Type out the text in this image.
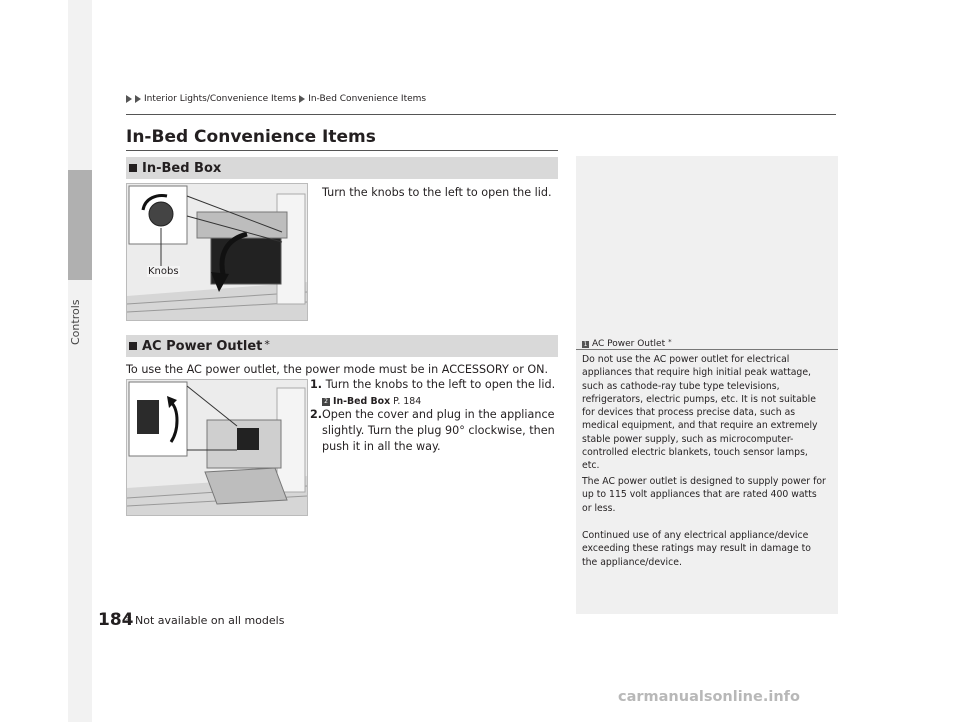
Controls
184
Interior Lights/Convenience Items In-Bed Convenience Items
In-Bed Convenience Items
In-Bed Box
Turn the knobs to the left to open the lid.
Knobs
AC Power Outlet *
To use the AC power outlet, the power mode must be in ACCESSORY or ON.
1. Turn the knobs to the left to open the lid.
2 In-Bed Box P. 184
2. Open the cover and plug in the appliance slightly. Turn the plug 90° clockwise, then push it in all the way.
1 AC Power Outlet *
Do not use the AC power outlet for electrical appliances that require high initial peak wattage, such as cathode-ray tube type televisions, refrigerators, electric pumps, etc. It is not suitable for devices that process precise data, such as medical equipment, and that require an extremely stable power supply, such as microcomputer-controlled electric blankets, touch sensor lamps, etc.
The AC power outlet is designed to supply power for up to 115 volt appliances that are rated 400 watts or less.
Continued use of any electrical appliance/device exceeding these ratings may result in damage to the appliance/device.
* Not available on all models
carmanualsonline.info
